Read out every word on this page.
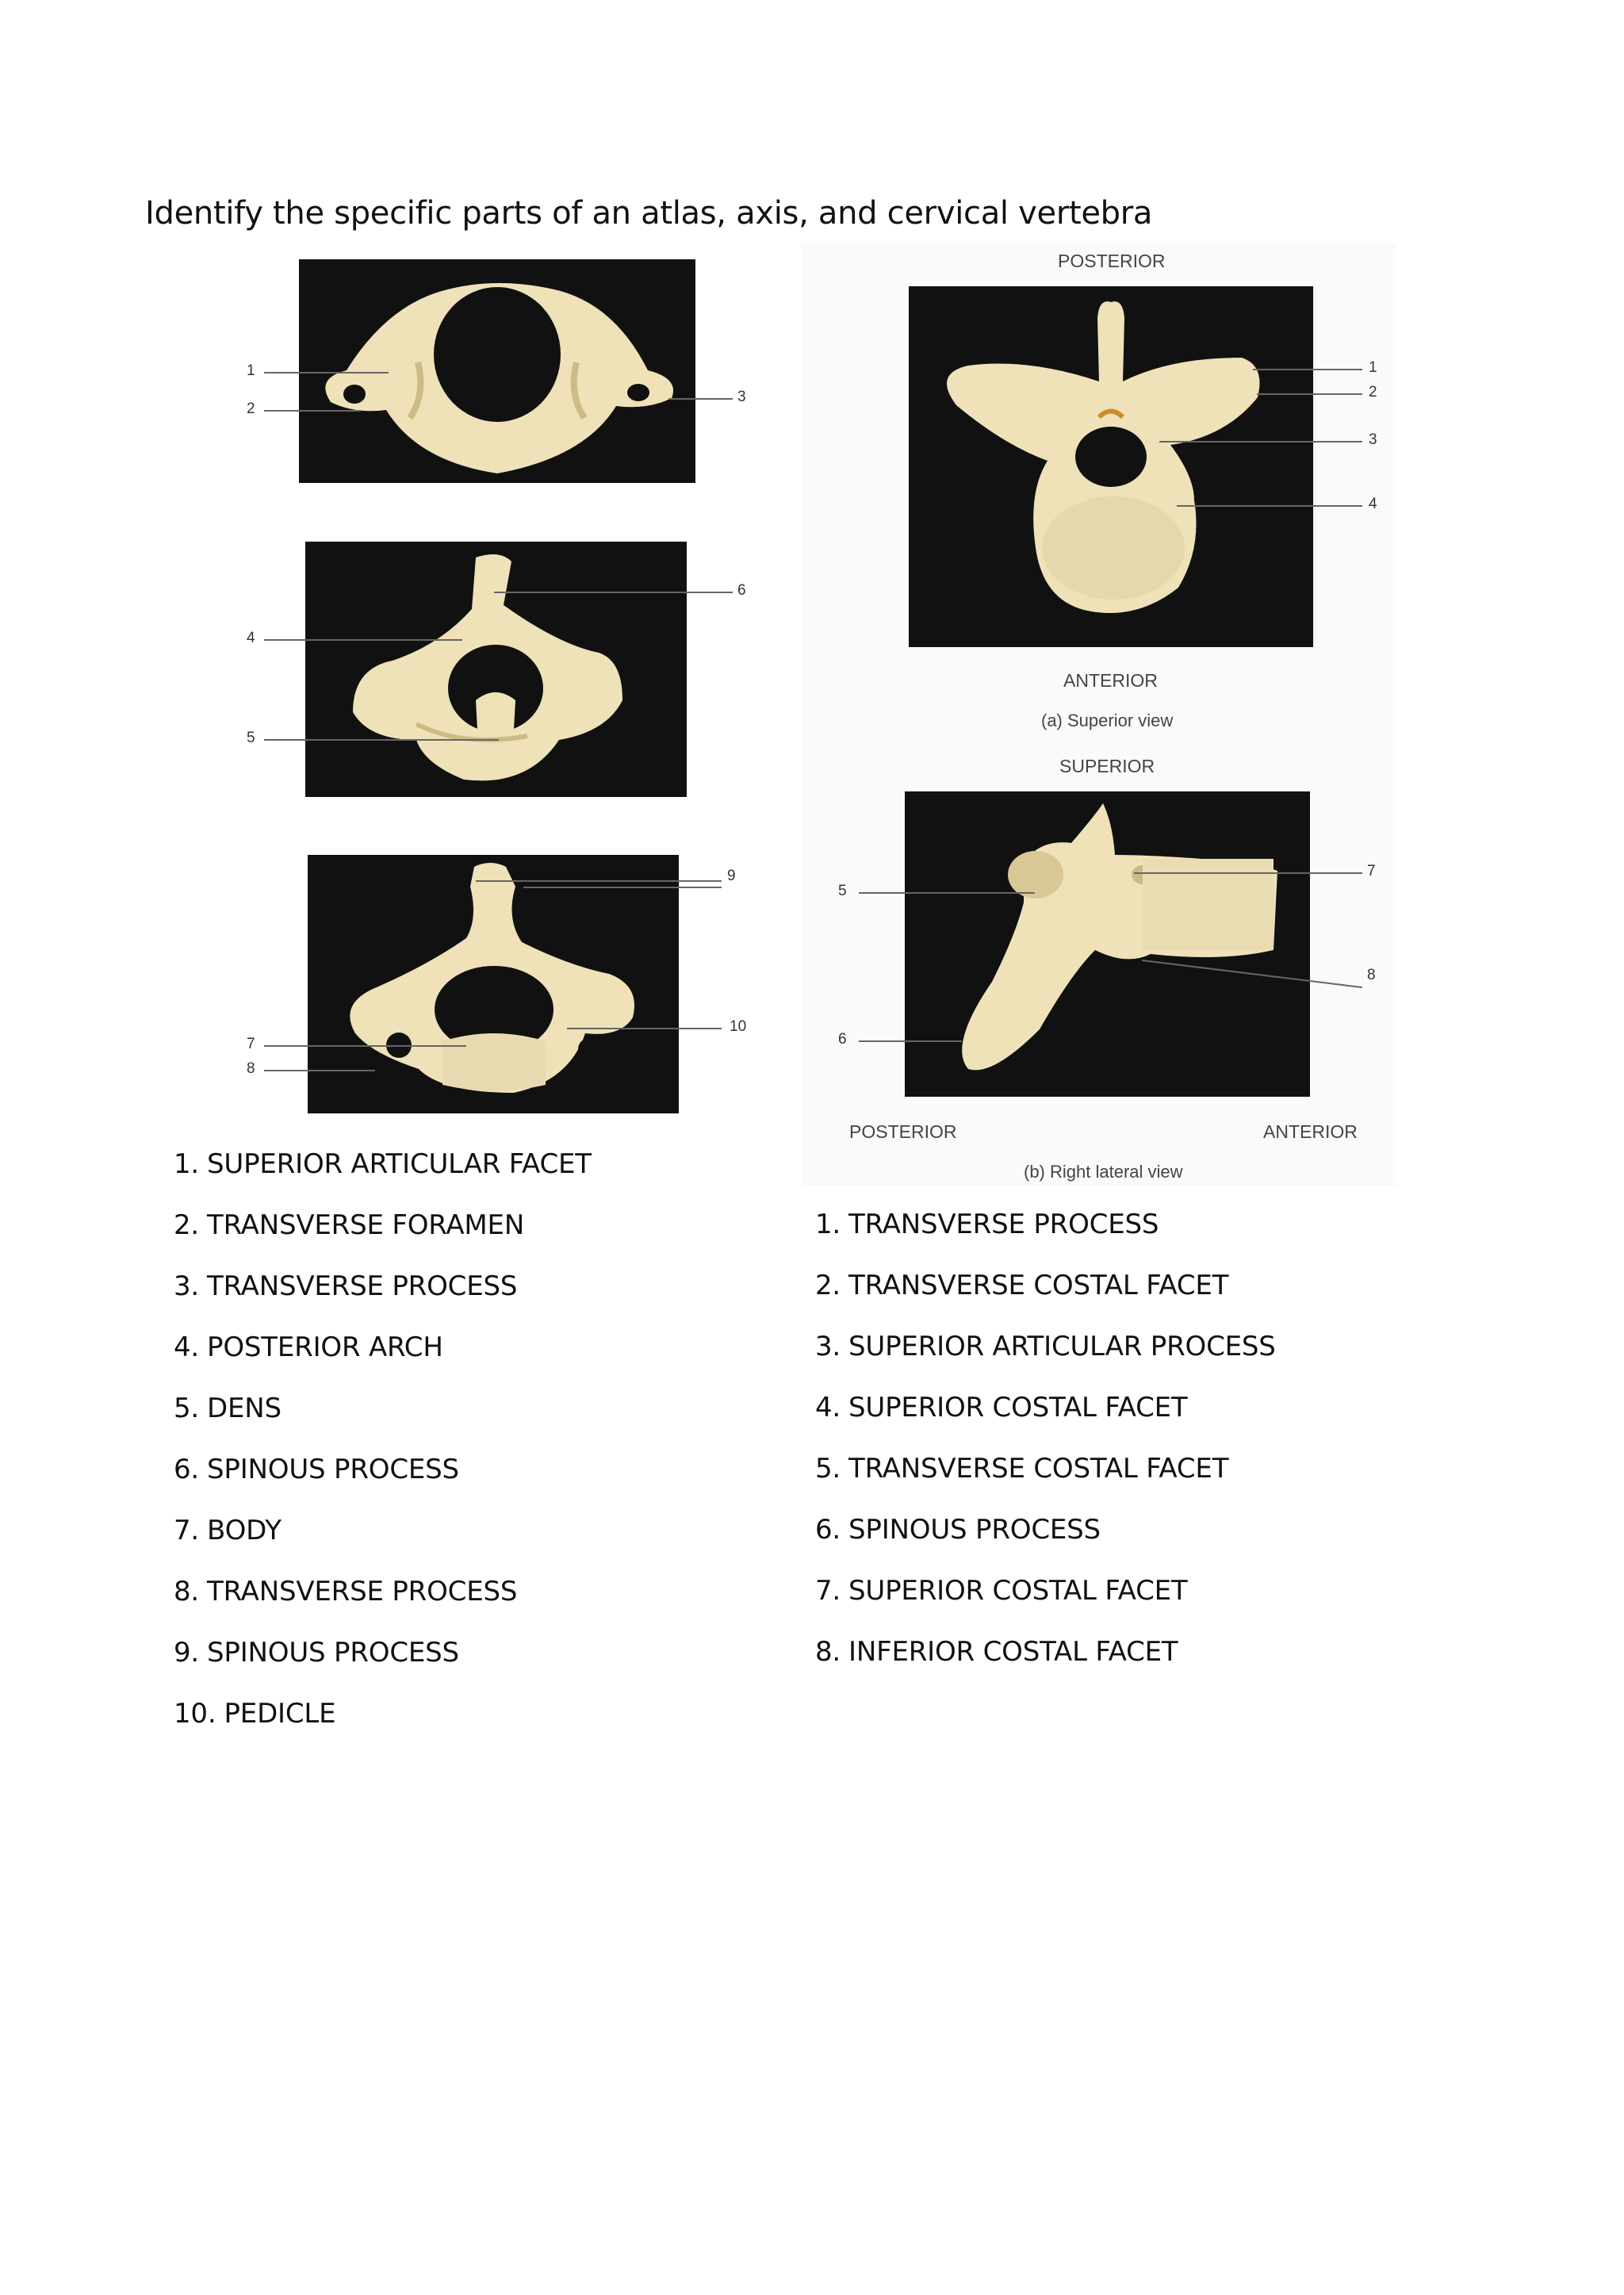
Identify the specific parts of an atlas, axis, and cervical vertebra
1
2
3
6
4
5
9
10
7
8
POSTERIOR
1
2
3
4
ANTERIOR
(a) Superior view
SUPERIOR
5
6
7
8
POSTERIOR	ANTERIOR
(b) Right lateral view
1. SUPERIOR ARTICULAR FACET
2. TRANSVERSE FORAMEN
3. TRANSVERSE PROCESS
4. POSTERIOR ARCH
5. DENS
6. SPINOUS PROCESS
7. BODY
8. TRANSVERSE PROCESS
9. SPINOUS PROCESS
10. PEDICLE
1. TRANSVERSE PROCESS
2. TRANSVERSE COSTAL FACET
3. SUPERIOR ARTICULAR PROCESS
4. SUPERIOR COSTAL FACET
5. TRANSVERSE COSTAL FACET
6. SPINOUS PROCESS
7. SUPERIOR COSTAL FACET
8. INFERIOR COSTAL FACET
